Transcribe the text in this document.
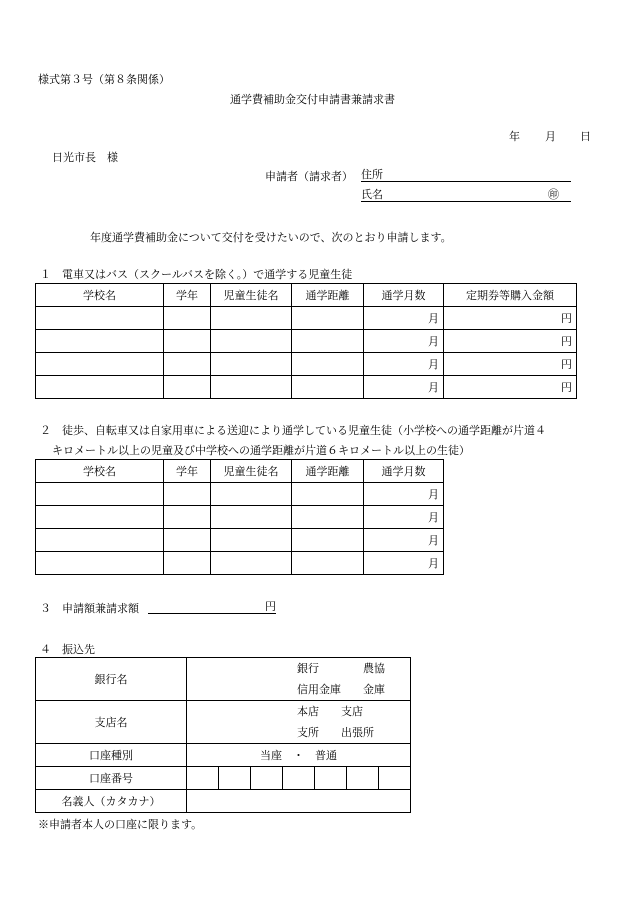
様式第３号（第８条関係）
通学費補助金交付申請書兼請求書
年 月 日
日光市長　様
申請者（請求者） 住所
氏名	㊞
年度通学費補助金について交付を受けたいので、次のとおり申請します。
１　電車又はバス（スクールバスを除く。）で通学する児童生徒
学校名	学年	児童生徒名	通学距離	通学月数	定期券等購入金額
				月	円
				月	円
				月	円
				月	円
２　徒歩、自転車又は自家用車による送迎により通学している児童生徒（小学校への通学距離が片道４
キロメートル以上の児童及び中学校への通学距離が片道６キロメートル以上の生徒）
学校名	学年	児童生徒名	通学距離	通学月数
				月
				月
				月
				月
３　申請額兼請求額	円
４　振込先
銀行名	銀行　　　　農協
信用金庫　　金庫						

支店名	本店　　支店
支所　　出張所						

口座種別	当座　・　普通						
口座番号							
名義人（カタカナ）							
※申請者本人の口座に限ります。
